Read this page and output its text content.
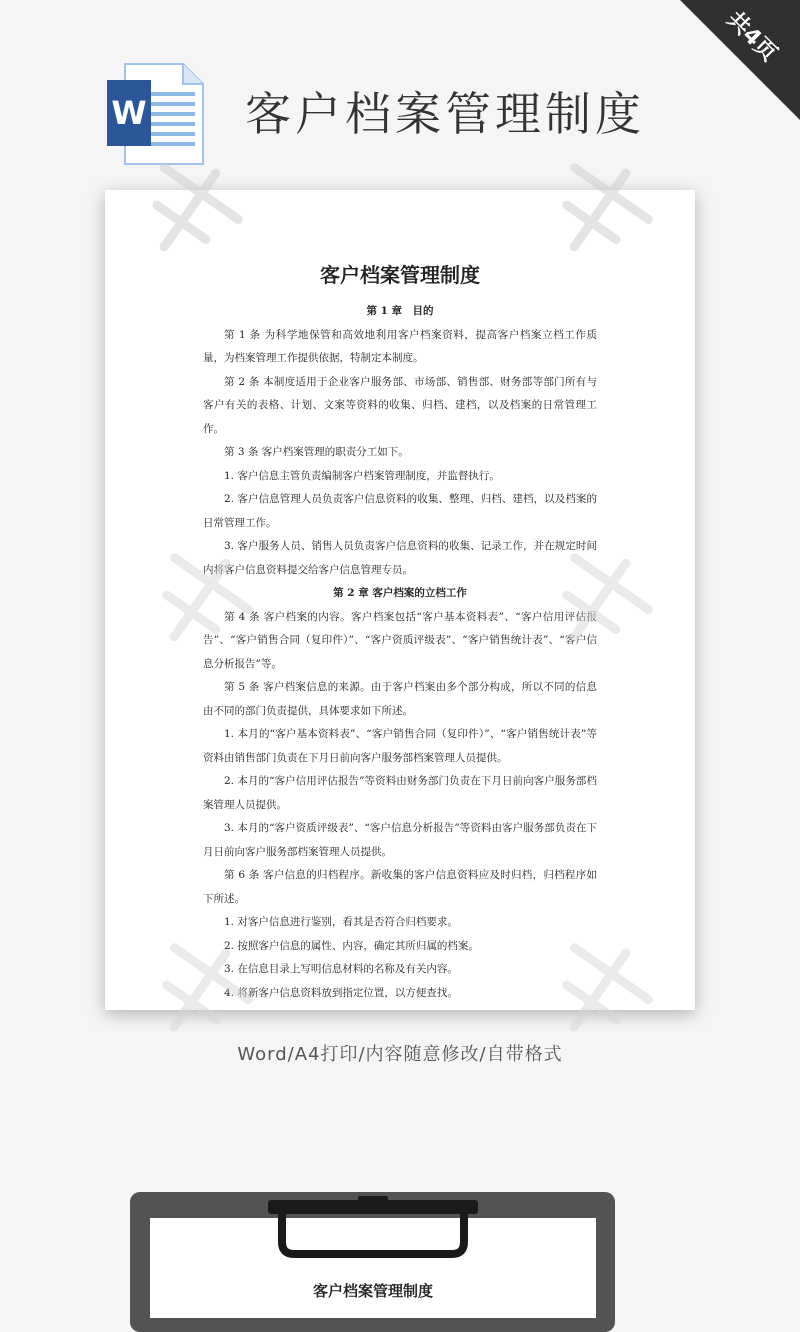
共4页
W 客户档案管理制度
客户档案管理制度

第 1 章　目的

第 1 条 为科学地保管和高效地利用客户档案资料，提高客户档案立档工作质量，为档案管理工作提供依据，特制定本制度。

第 2 条 本制度适用于企业客户服务部、市场部、销售部、财务部等部门所有与客户有关的表格、计划、文案等资料的收集、归档、建档，以及档案的日常管理工作。

第 3 条 客户档案管理的职责分工如下。

1. 客户信息主管负责编制客户档案管理制度，并监督执行。

2. 客户信息管理人员负责客户信息资料的收集、整理、归档、建档，以及档案的日常管理工作。

3. 客户服务人员、销售人员负责客户信息资料的收集、记录工作，并在规定时间内将客户信息资料提交给客户信息管理专员。

第 2 章 客户档案的立档工作

第 4 条 客户档案的内容。客户档案包括“客户基本资料表”、“客户信用评估报告”、“客户销售合同（复印件）”、“客户资质评级表”、“客户销售统计表”、“客户信息分析报告”等。

第 5 条 客户档案信息的来源。由于客户档案由多个部分构成，所以不同的信息由不同的部门负责提供，具体要求如下所述。

1. 本月的“客户基本资料表”、“客户销售合同（复印件）”、“客户销售统计表”等资料由销售部门负责在下月日前向客户服务部档案管理人员提供。

2. 本月的“客户信用评估报告”等资料由财务部门负责在下月日前向客户服务部档案管理人员提供。

3. 本月的“客户资质评级表”、“客户信息分析报告”等资料由客户服务部负责在下月日前向客户服务部档案管理人员提供。

第 6 条 客户信息的归档程序。新收集的客户信息资料应及时归档，归档程序如下所述。

1. 对客户信息进行鉴别，看其是否符合归档要求。

2. 按照客户信息的属性、内容，确定其所归属的档案。

3. 在信息目录上写明信息材料的名称及有关内容。

4. 将新客户信息资料放到指定位置，以方便查找。

Word/A4打印/内容随意修改/自带格式
客户档案管理制度
